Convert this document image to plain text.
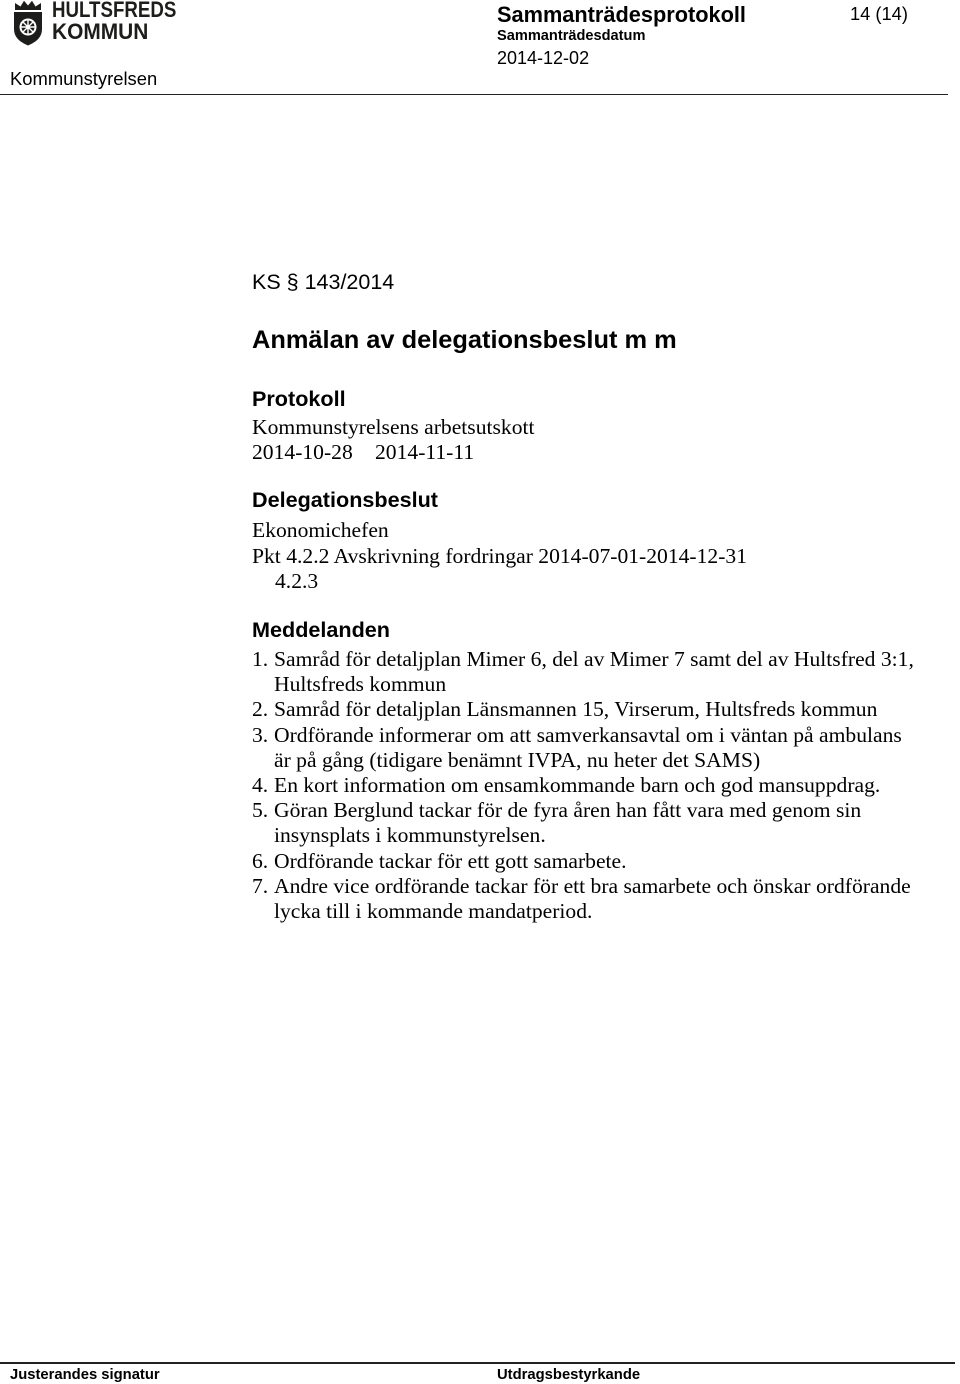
HULTSFREDS
KOMMUN
Sammanträdesprotokoll	14 (14)
Sammanträdesdatum
2014-12-02
Kommunstyrelsen
KS § 143/2014
Anmälan av delegationsbeslut m m
Protokoll
Kommunstyrelsens arbetsutskott
2014-10-28 2014-11-11
Delegationsbeslut
Ekonomichefen
Pkt 4.2.2 Avskrivning fordringar 2014-07-01-2014-12-31
4.2.3
Meddelanden
1. Samråd för detaljplan Mimer 6, del av Mimer 7 samt del av Hultsfred 3:1,
Hultsfreds kommun
2. Samråd för detaljplan Länsmannen 15, Virserum, Hultsfreds kommun
3. Ordförande informerar om att samverkansavtal om i väntan på ambulans
är på gång (tidigare benämnt IVPA, nu heter det SAMS)
4. En kort information om ensamkommande barn och god mansuppdrag.
5. Göran Berglund tackar för de fyra åren han fått vara med genom sin
insynsplats i kommunstyrelsen.
6. Ordförande tackar för ett gott samarbete.
7. Andre vice ordförande tackar för ett bra samarbete och önskar ordförande
lycka till i kommande mandatperiod.
Justerandes signatur	Utdragsbestyrkande
